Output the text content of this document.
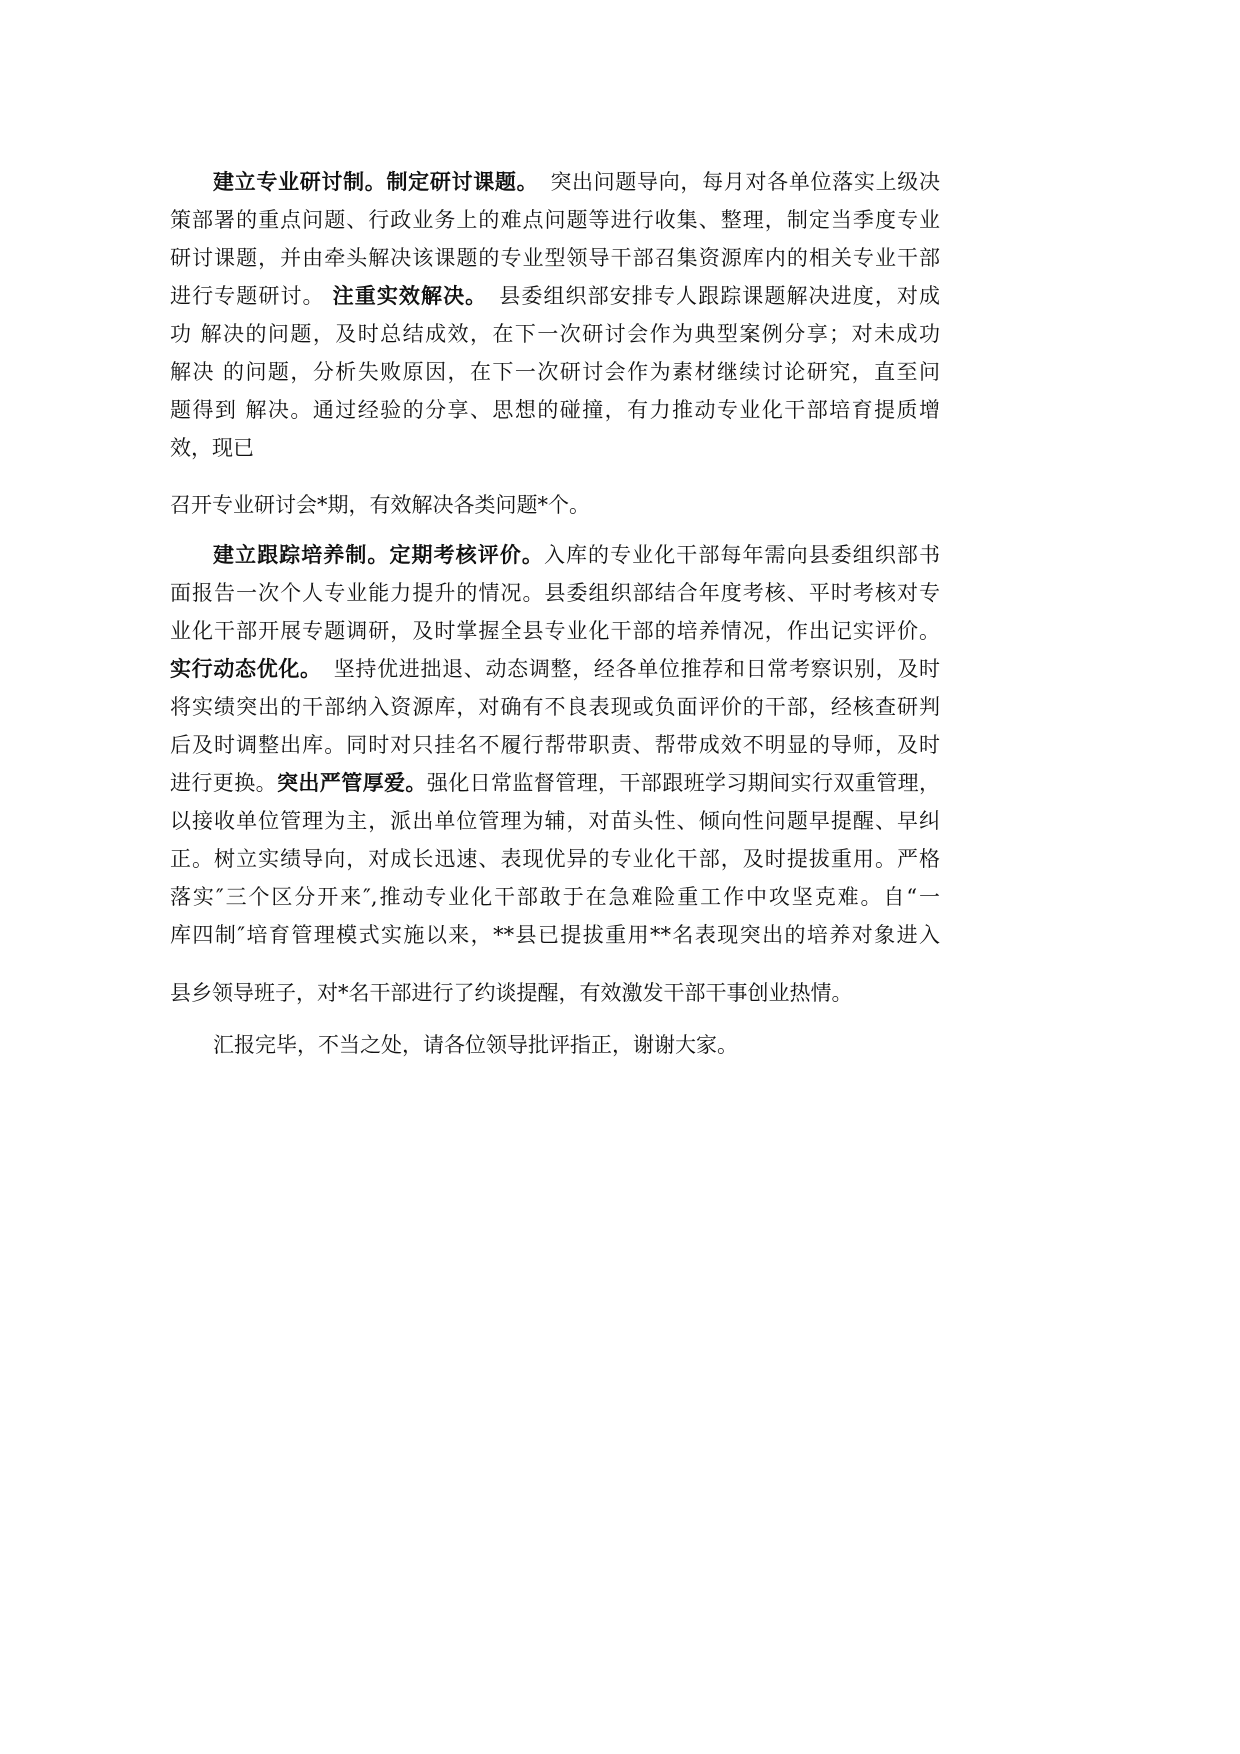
建立专业研讨制。制定研讨课题。 突出问题导向，每月对各单位落实上级决
策部署的重点问题、行政业务上的难点问题等进行收集、整理，制定当季度专业
研讨课题，并由牵头解决该课题的专业型领导干部召集资源库内的相关专业干部
进行专题研讨。 注重实效解决。 县委组织部安排专人跟踪课题解决进度，对成
功 解决的问题，及时总结成效，在下一次研讨会作为典型案例分享；对未成功
解决 的问题，分析失败原因，在下一次研讨会作为素材继续讨论研究，直至问
题得到 解决。通过经验的分享、思想的碰撞，有力推动专业化干部培育提质增
效，现已
召开专业研讨会*期，有效解决各类问题*个。
建立跟踪培养制。定期考核评价。入库的专业化干部每年需向县委组织部书
面报告一次个人专业能力提升的情况。县委组织部结合年度考核、平时考核对专
业化干部开展专题调研，及时掌握全县专业化干部的培养情况，作出记实评价。
实行动态优化。 坚持优进拙退、动态调整，经各单位推荐和日常考察识别，及时
将实绩突出的干部纳入资源库，对确有不良表现或负面评价的干部，经核查研判
后及时调整出库。同时对只挂名不履行帮带职责、帮带成效不明显的导师，及时
进行更换。突出严管厚爱。强化日常监督管理，干部跟班学习期间实行双重管理，
以接收单位管理为主，派出单位管理为辅，对苗头性、倾向性问题早提醒、早纠
正。树立实绩导向，对成长迅速、表现优异的专业化干部，及时提拔重用。严格
落实″三个区分开来″,推动专业化干部敢于在急难险重工作中攻坚克难。自“一
库四制″培育管理模式实施以来，**县已提拔重用**名表现突出的培养对象进入
县乡领导班子，对*名干部进行了约谈提醒，有效激发干部干事创业热情。
汇报完毕，不当之处，请各位领导批评指正，谢谢大家。
